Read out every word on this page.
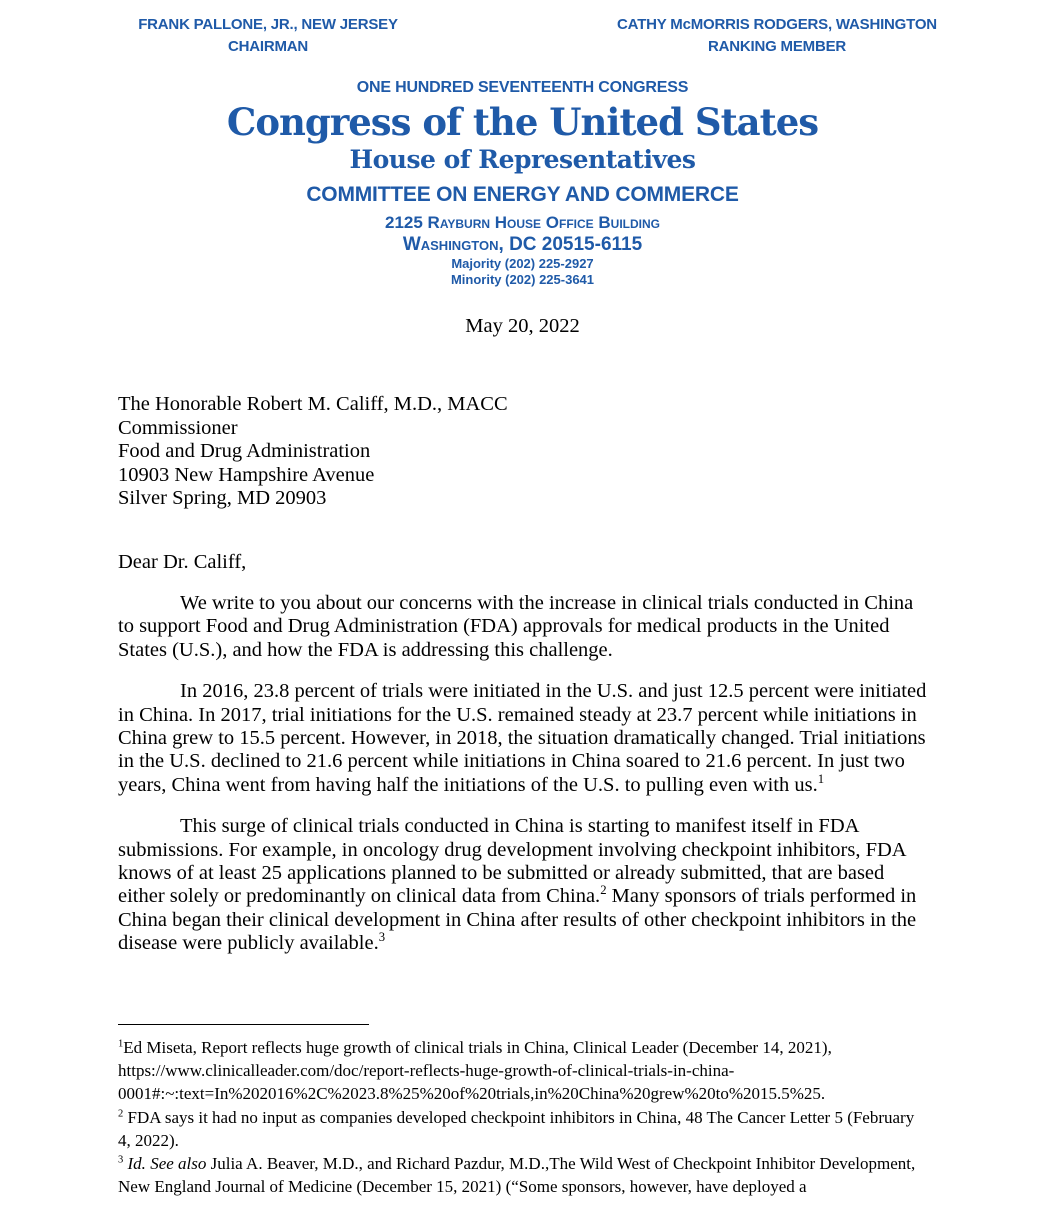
FRANK PALLONE, JR., NEW JERSEY
CHAIRMAN
CATHY McMORRIS RODGERS, WASHINGTON
RANKING MEMBER
ONE HUNDRED SEVENTEENTH CONGRESS
Congress of the United States
House of Representatives
COMMITTEE ON ENERGY AND COMMERCE
2125 Rayburn House Office Building
Washington, DC 20515-6115
Majority (202) 225-2927
Minority (202) 225-3641
May 20, 2022
The Honorable Robert M. Califf, M.D., MACC
Commissioner
Food and Drug Administration
10903 New Hampshire Avenue
Silver Spring, MD 20903
Dear Dr. Califf,

We write to you about our concerns with the increase in clinical trials conducted in China to support Food and Drug Administration (FDA) approvals for medical products in the United States (U.S.), and how the FDA is addressing this challenge.

In 2016, 23.8 percent of trials were initiated in the U.S. and just 12.5 percent were initiated in China. In 2017, trial initiations for the U.S. remained steady at 23.7 percent while initiations in China grew to 15.5 percent. However, in 2018, the situation dramatically changed. Trial initiations in the U.S. declined to 21.6 percent while initiations in China soared to 21.6 percent. In just two years, China went from having half the initiations of the U.S. to pulling even with us.$^1$

This surge of clinical trials conducted in China is starting to manifest itself in FDA submissions. For example, in oncology drug development involving checkpoint inhibitors, FDA knows of at least 25 applications planned to be submitted or already submitted, that are based either solely or predominantly on clinical data from China.$^2$ Many sponsors of trials performed in China began their clinical development in China after results of other checkpoint inhibitors in the disease were publicly available.$^3$

$^1$Ed Miseta, Report reflects huge growth of clinical trials in China, Clinical Leader (December 14, 2021), https://www.clinicalleader.com/doc/report-reflects-huge-growth-of-clinical-trials-in-china-0001#:~:text=In%202016%2C%2023.8%25%20of%20trials,in%20China%20grew%20to%2015.5%25.

$^2$ FDA says it had no input as companies developed checkpoint inhibitors in China, 48 The Cancer Letter 5 (February 4, 2022).

$^3$ Id. See also Julia A. Beaver, M.D., and Richard Pazdur, M.D.,The Wild West of Checkpoint Inhibitor Development, New England Journal of Medicine (December 15, 2021) (“Some sponsors, however, have deployed a
